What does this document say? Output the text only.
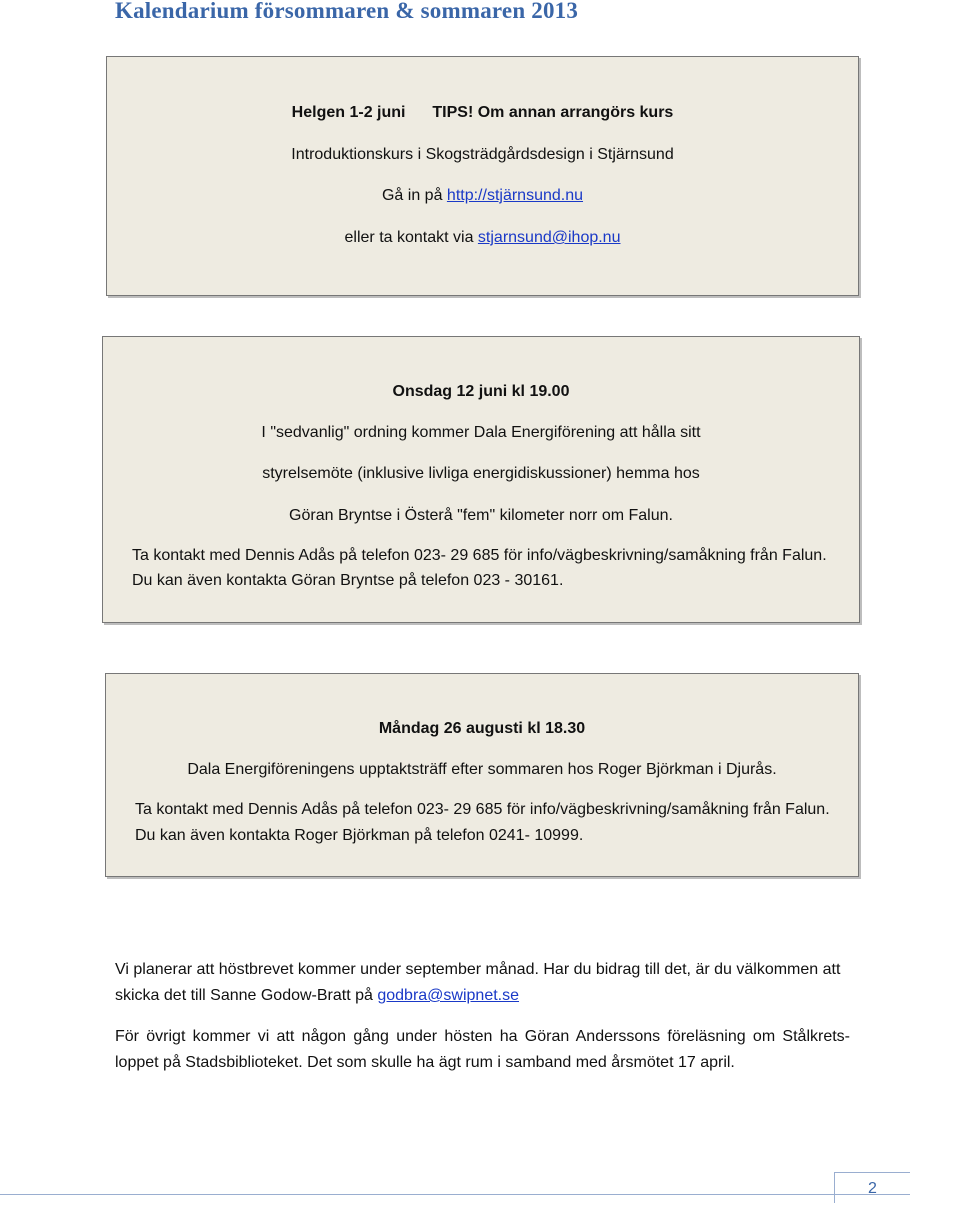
Kalendarium försommaren & sommaren 2013
Helgen 1-2 juni TIPS! Om annan arrangörs kurs
Introduktionskurs i Skogsträdgårdsdesign i Stjärnsund
Gå in på http://stjärnsund.nu
eller ta kontakt via stjarnsund@ihop.nu
Onsdag 12 juni kl 19.00
I "sedvanlig" ordning kommer Dala Energiförening att hålla sitt
styrelsemöte (inklusive livliga energidiskussioner) hemma hos
Göran Bryntse i Österå "fem" kilometer norr om Falun.
Ta kontakt med Dennis Adås på telefon 023- 29 685 för info/vägbeskrivning/samåkning från Falun.
Du kan även kontakta Göran Bryntse på telefon 023 - 30161.
Måndag 26 augusti kl 18.30
Dala Energiföreningens upptaktsträff efter sommaren hos Roger Björkman i Djurås.
Ta kontakt med Dennis Adås på telefon 023- 29 685 för info/vägbeskrivning/samåkning från Falun.
Du kan även kontakta Roger Björkman på telefon 0241- 10999.

Vi planerar att höstbrevet kommer under september månad. Har du bidrag till det, är du välkommen att skicka det till Sanne Godow-Bratt på godbra@swipnet.se

För övrigt kommer vi att någon gång under hösten ha Göran Anderssons föreläsning om Stålkrets-loppet på Stadsbiblioteket. Det som skulle ha ägt rum i samband med årsmötet 17 april.

2
